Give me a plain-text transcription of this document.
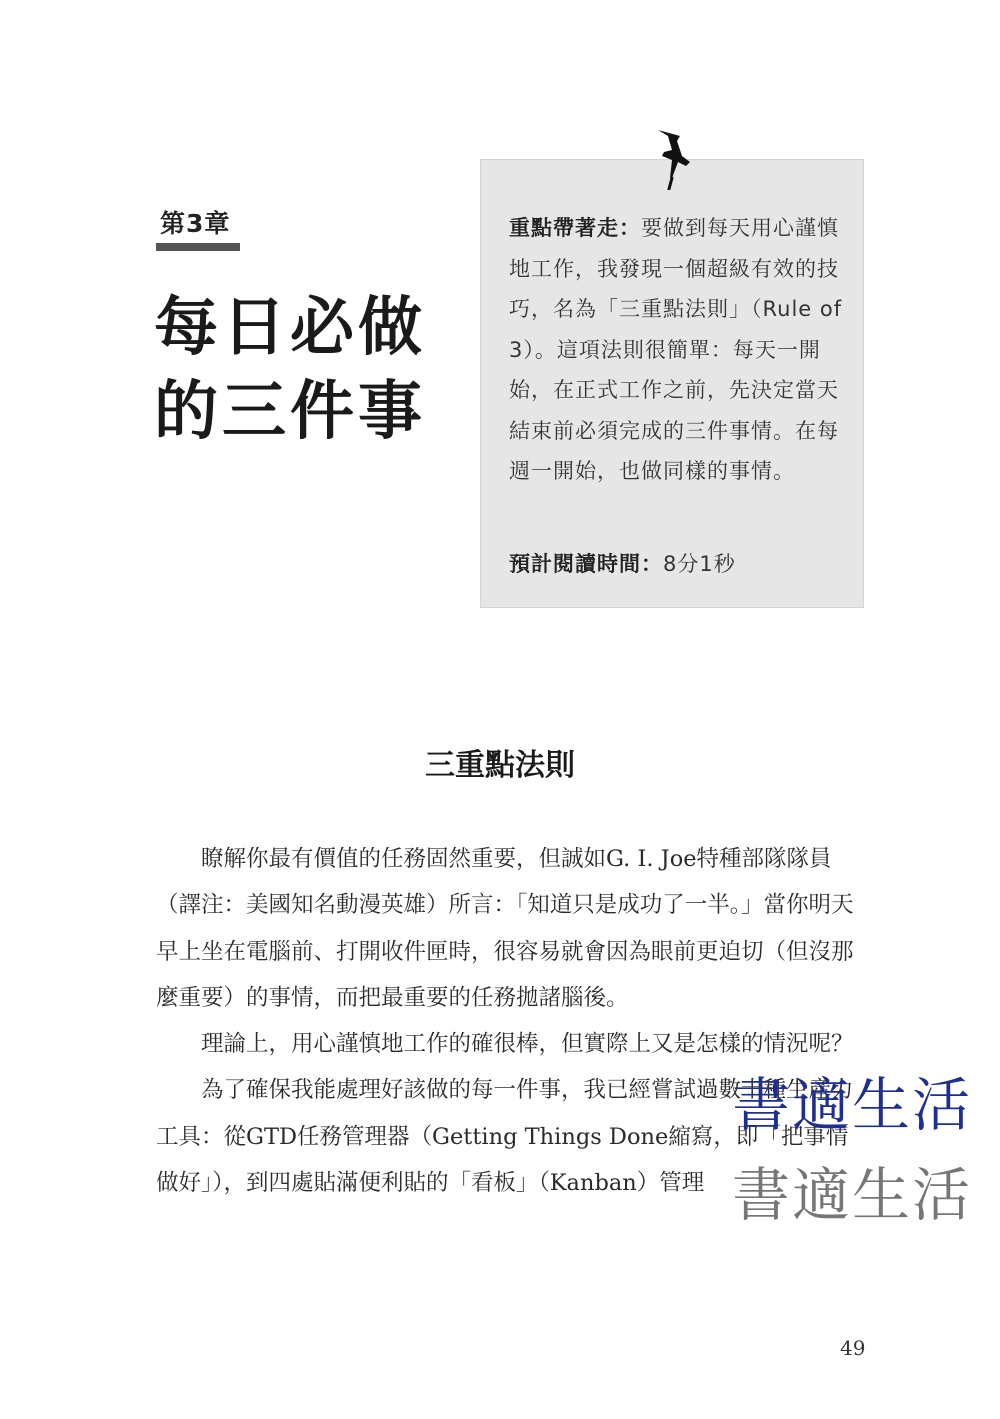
第3章
每日必做
的三件事

重點帶著走：要做到每天用心謹慎地工作，我發現一個超級有效的技巧，名為「三重點法則」（Rule of 3）。這項法則很簡單：每天一開始，在正式工作之前，先決定當天結束前必須完成的三件事情。在每週一開始，也做同樣的事情。

預計閱讀時間：8分1秒

三重點法則

瞭解你最有價值的任務固然重要，但誠如G. I. Joe特種部隊隊員（譯注：美國知名動漫英雄）所言：「知道只是成功了一半。」當你明天早上坐在電腦前、打開收件匣時，很容易就會因為眼前更迫切（但沒那麼重要）的事情，而把最重要的任務拋諸腦後。

理論上，用心謹慎地工作的確很棒，但實際上又是怎樣的情況呢？

為了確保我能處理好該做的每一件事，我已經嘗試過數十種生產力工具：從GTD任務管理器（Getting Things Done縮寫，即「把事情做好」），到四處貼滿便利貼的「看板」（Kanban）管理

書適生活
書適生活
49
